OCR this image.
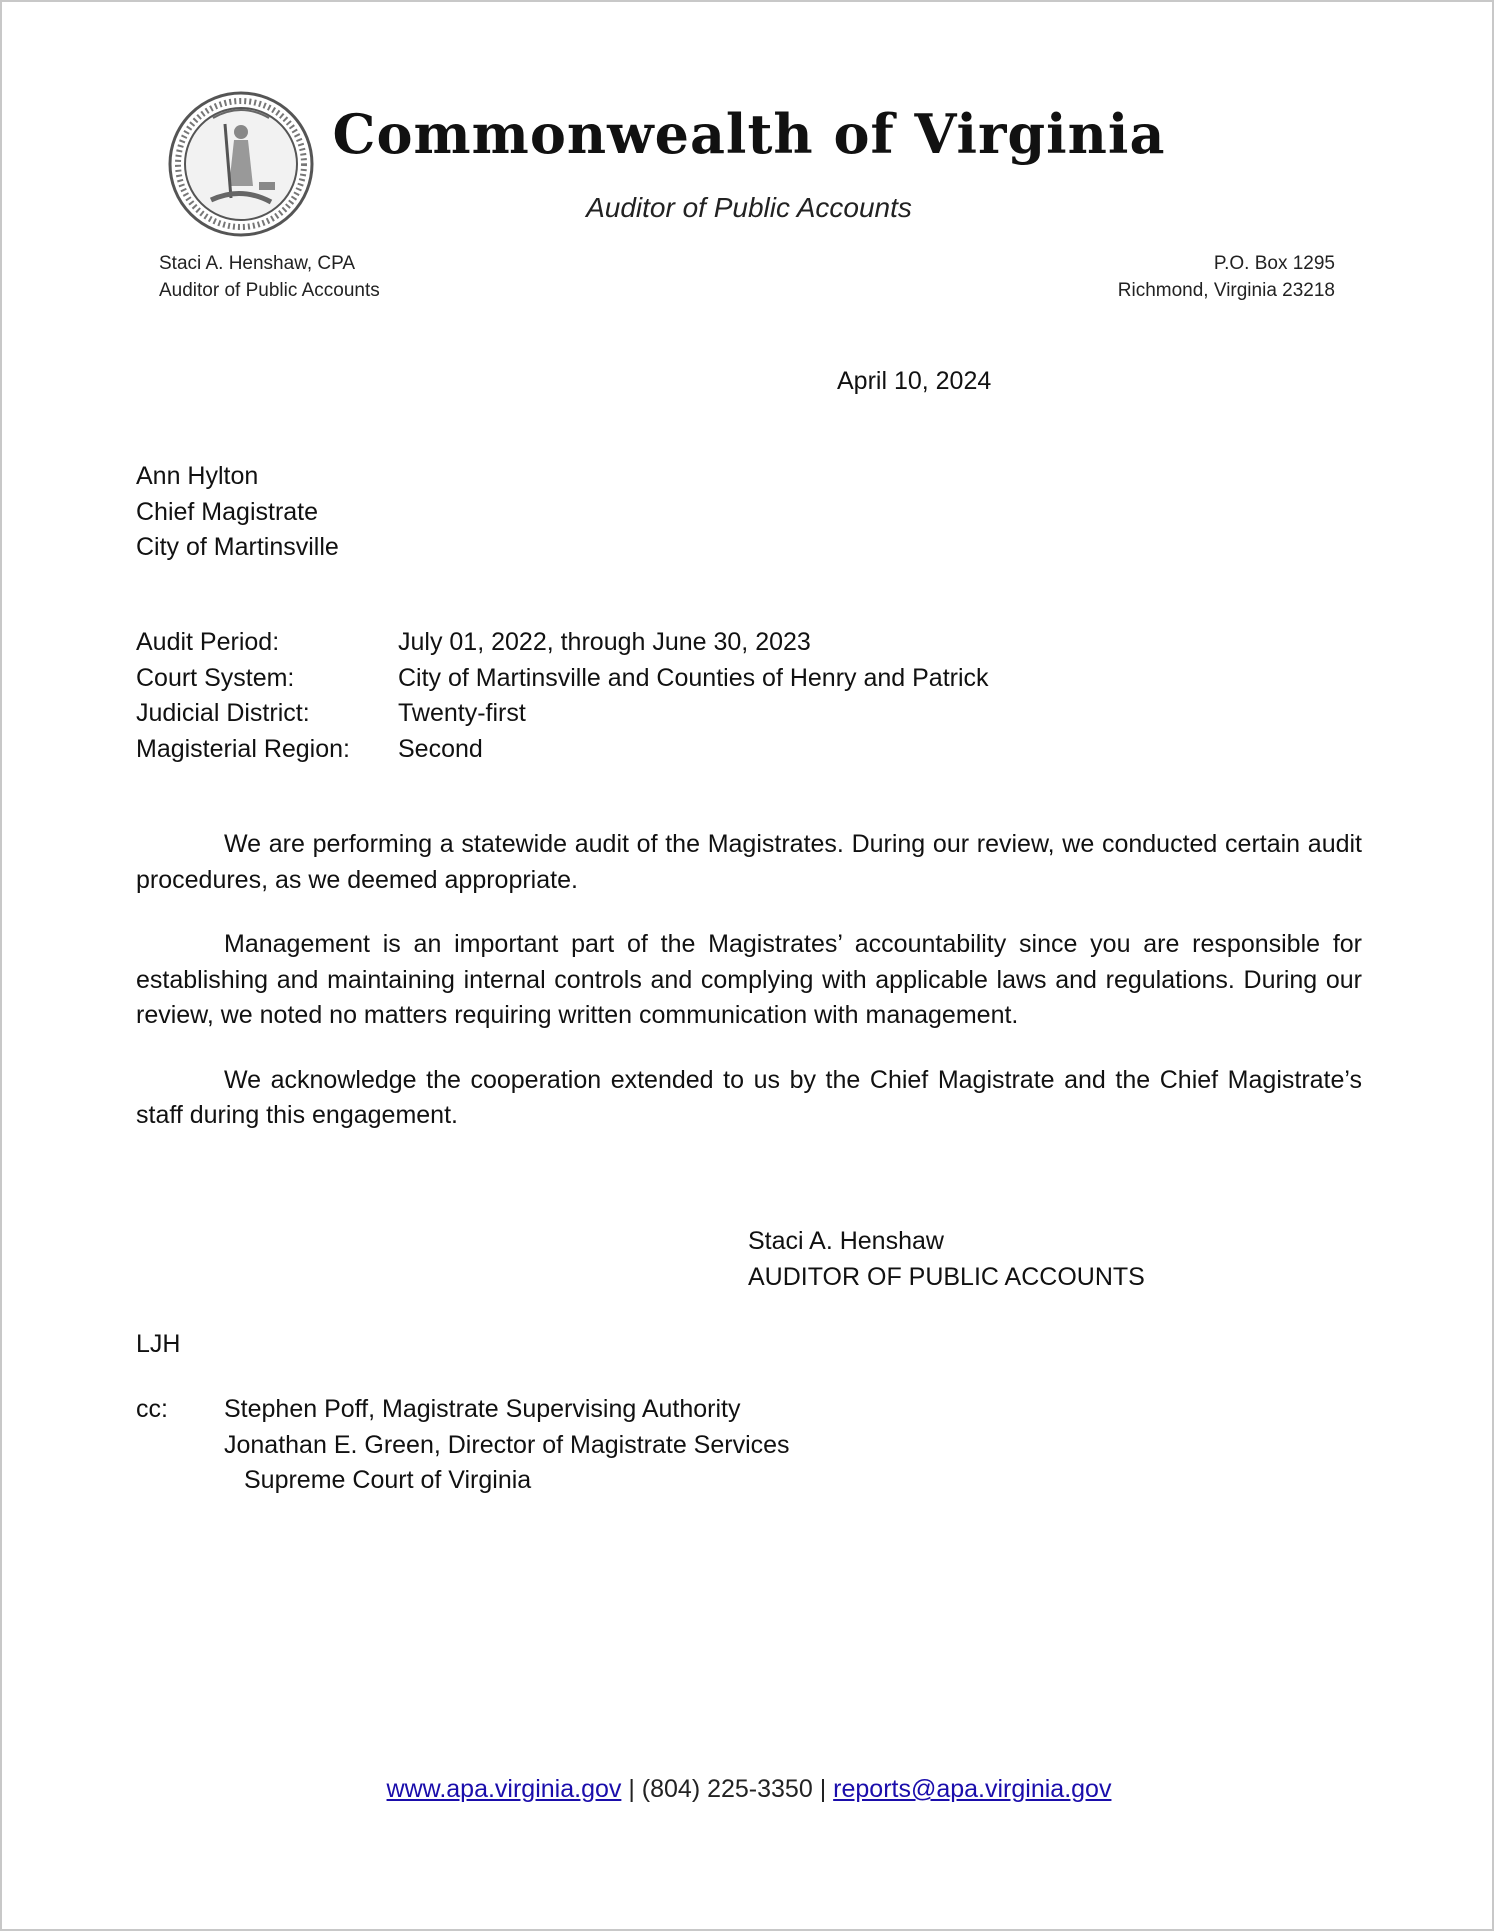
Commonwealth of Virginia
Auditor of Public Accounts
Staci A. Henshaw, CPA
Auditor of Public Accounts
P.O. Box 1295
Richmond, Virginia 23218
April 10, 2024
Ann Hylton
Chief Magistrate
City of Martinsville
Audit Period:	July 01, 2022, through June 30, 2023
Court System:	City of Martinsville and Counties of Henry and Patrick
Judicial District:	Twenty-first
Magisterial Region:	Second

We are performing a statewide audit of the Magistrates. During our review, we conducted certain audit procedures, as we deemed appropriate.

Management is an important part of the Magistrates’ accountability since you are responsible for establishing and maintaining internal controls and complying with applicable laws and regulations. During our review, we noted no matters requiring written communication with management.

We acknowledge the cooperation extended to us by the Chief Magistrate and the Chief Magistrate’s staff during this engagement.

Staci A. Henshaw
AUDITOR OF PUBLIC ACCOUNTS
LJH
cc:	Stephen Poff, Magistrate Supervising Authority
Jonathan E. Green, Director of Magistrate Services
Supreme Court of Virginia
www.apa.virginia.gov | (804) 225-3350 | reports@apa.virginia.gov
